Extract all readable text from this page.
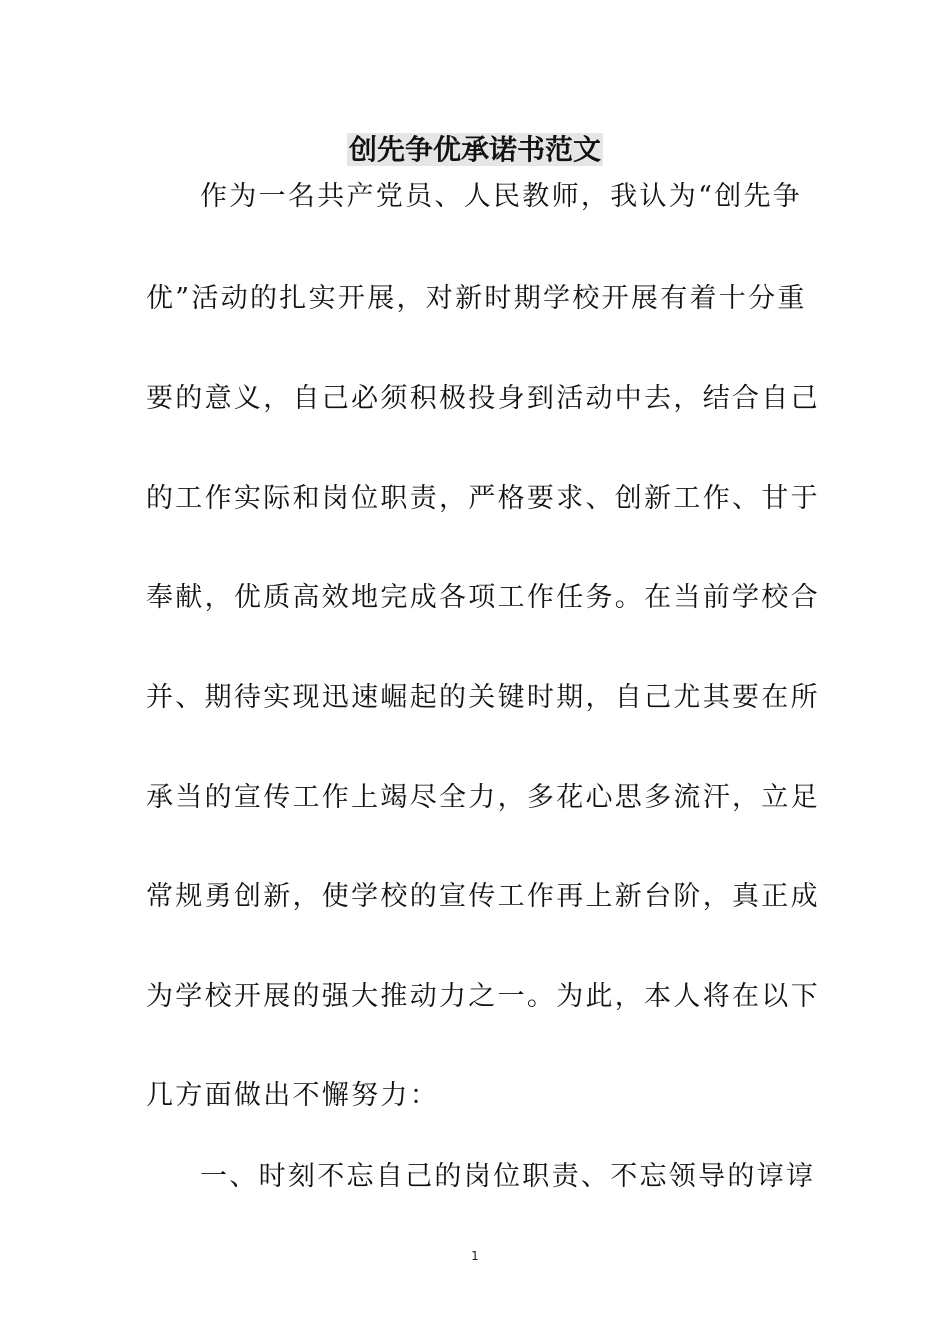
创先争优承诺书范文
作为一名共产党员、人民教师，我认为“创先争
优”活动的扎实开展，对新时期学校开展有着十分重
要的意义，自己必须积极投身到活动中去，结合自己
的工作实际和岗位职责，严格要求、创新工作、甘于
奉献，优质高效地完成各项工作任务。在当前学校合
并、期待实现迅速崛起的关键时期，自己尤其要在所
承当的宣传工作上竭尽全力，多花心思多流汗，立足
常规勇创新，使学校的宣传工作再上新台阶，真正成
为学校开展的强大推动力之一。为此，本人将在以下
几方面做出不懈努力：
一、时刻不忘自己的岗位职责、不忘领导的谆谆
1
